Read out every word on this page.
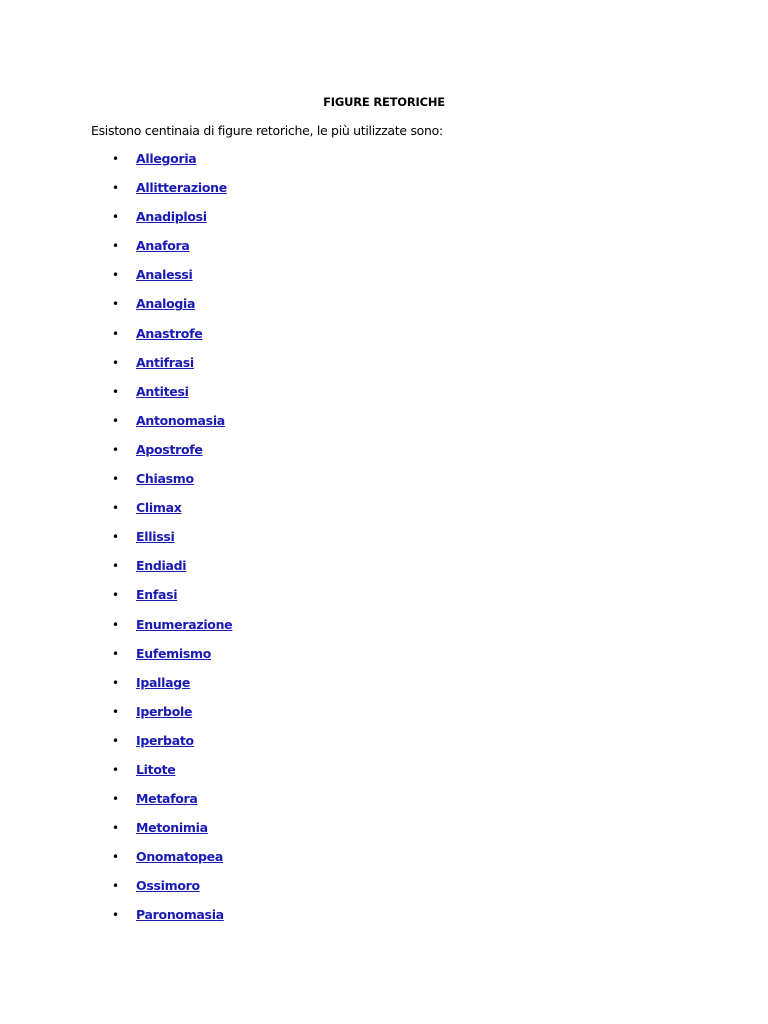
FIGURE RETORICHE
Esistono centinaia di figure retoriche, le più utilizzate sono:
• Allegoria
• Allitterazione
• Anadiplosi
• Anafora
• Analessi
• Analogia
• Anastrofe
• Antifrasi
• Antitesi
• Antonomasia
• Apostrofe
• Chiasmo
• Climax
• Ellissi
• Endiadi
• Enfasi
• Enumerazione
• Eufemismo
• Ipallage
• Iperbole
• Iperbato
• Litote
• Metafora
• Metonimia
• Onomatopea
• Ossimoro
• Paronomasia
